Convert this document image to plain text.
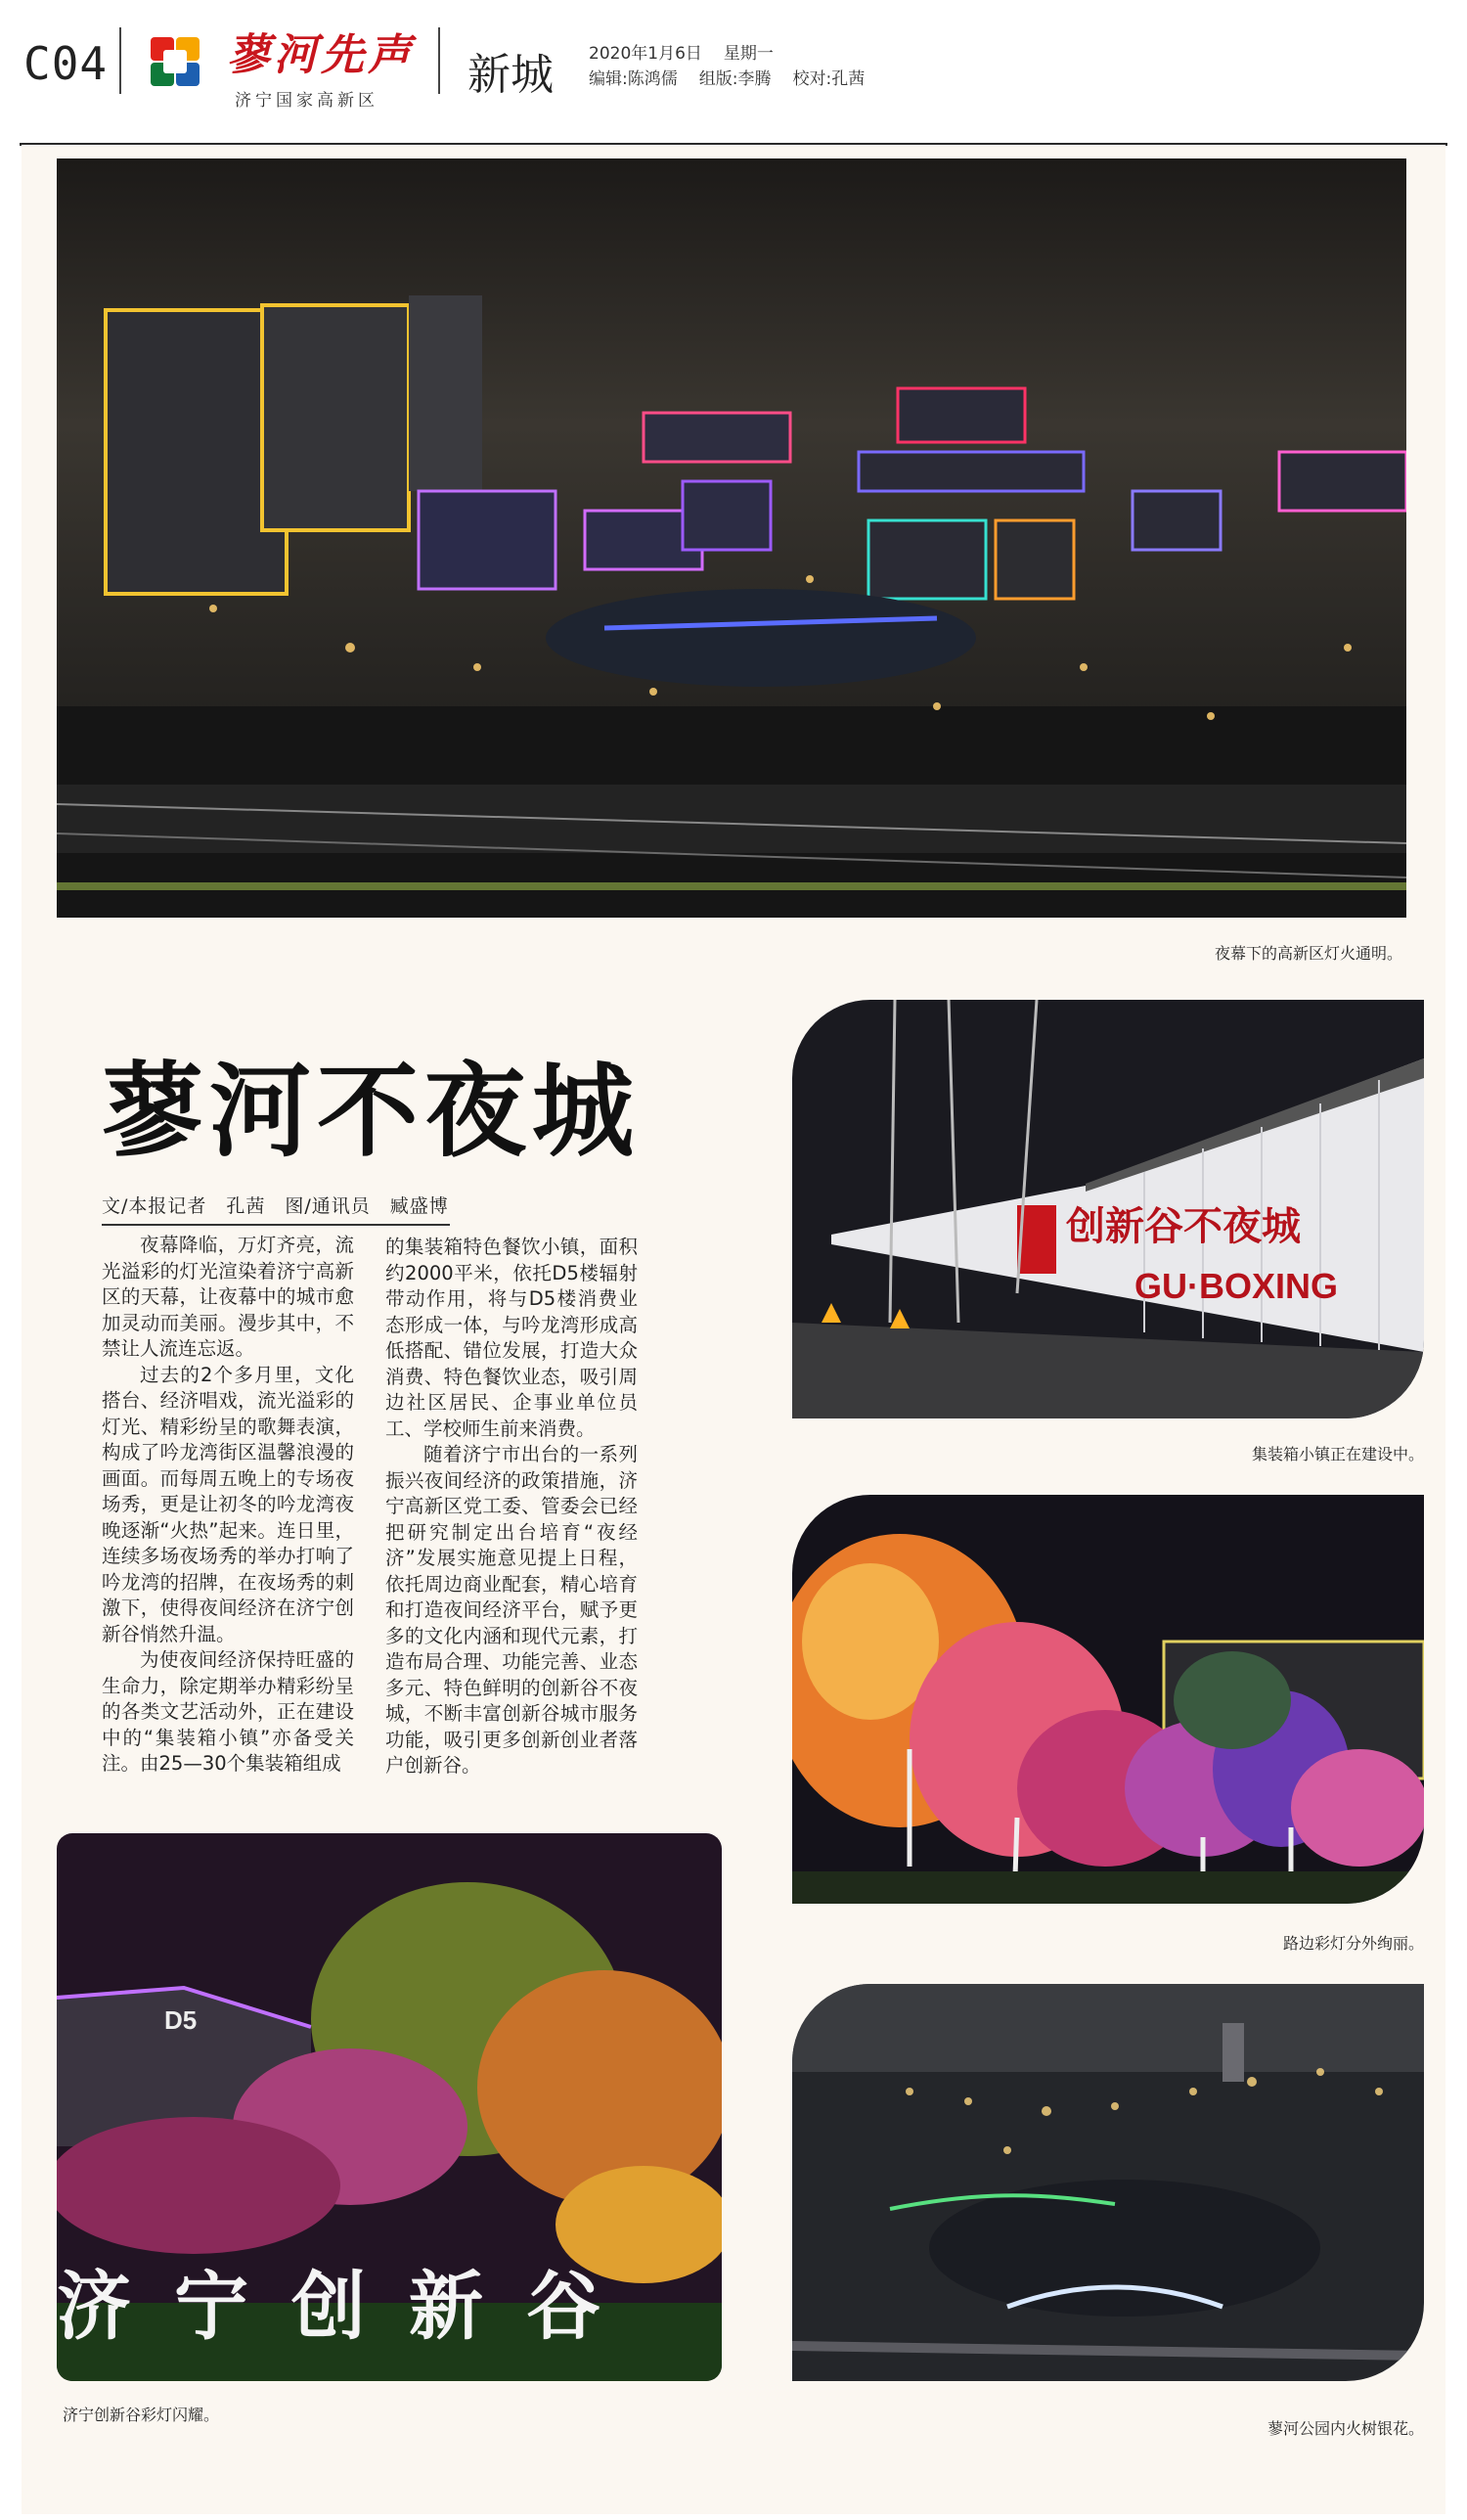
C04	蓼河先声
济宁国家高新区
新城 2020年1月6日 星期一
编辑:陈鸿儒 组版:李腾 校对:孔茜
夜幕下的高新区灯火通明。
蓼河不夜城
文/本报记者　孔茜　图/通讯员　臧盛博

夜幕降临，万灯齐亮，流光溢彩的灯光渲染着济宁高新区的天幕，让夜幕中的城市愈加灵动而美丽。漫步其中，不禁让人流连忘返。

过去的2个多月里，文化搭台、经济唱戏，流光溢彩的灯光、精彩纷呈的歌舞表演，构成了吟龙湾街区温馨浪漫的画面。而每周五晚上的专场夜场秀，更是让初冬的吟龙湾夜晚逐渐“火热”起来。连日里，连续多场夜场秀的举办打响了吟龙湾的招牌，在夜场秀的刺激下，使得夜间经济在济宁创新谷悄然升温。

为使夜间经济保持旺盛的生命力，除定期举办精彩纷呈的各类文艺活动外，正在建设中的“集装箱小镇”亦备受关注。由25—30个集装箱组成

的集装箱特色餐饮小镇，面积约2000平米，依托D5楼辐射带动作用，将与D5楼消费业态形成一体，与吟龙湾形成高低搭配、错位发展，打造大众消费、特色餐饮业态，吸引周边社区居民、企事业单位员工、学校师生前来消费。

随着济宁市出台的一系列振兴夜间经济的政策措施，济宁高新区党工委、管委会已经把研究制定出台培育“夜经济”发展实施意见提上日程，依托周边商业配套，精心培育和打造夜间经济平台，赋予更多的文化内涵和现代元素，打造布局合理、功能完善、业态多元、特色鲜明的创新谷不夜城，不断丰富创新谷城市服务功能，吸引更多创新创业者落户创新谷。

创新谷不夜城
GU·BOXING
集装箱小镇正在建设中。
路边彩灯分外绚丽。
蓼河公园内火树银花。
D5
济宁创新谷
济宁创新谷彩灯闪耀。
